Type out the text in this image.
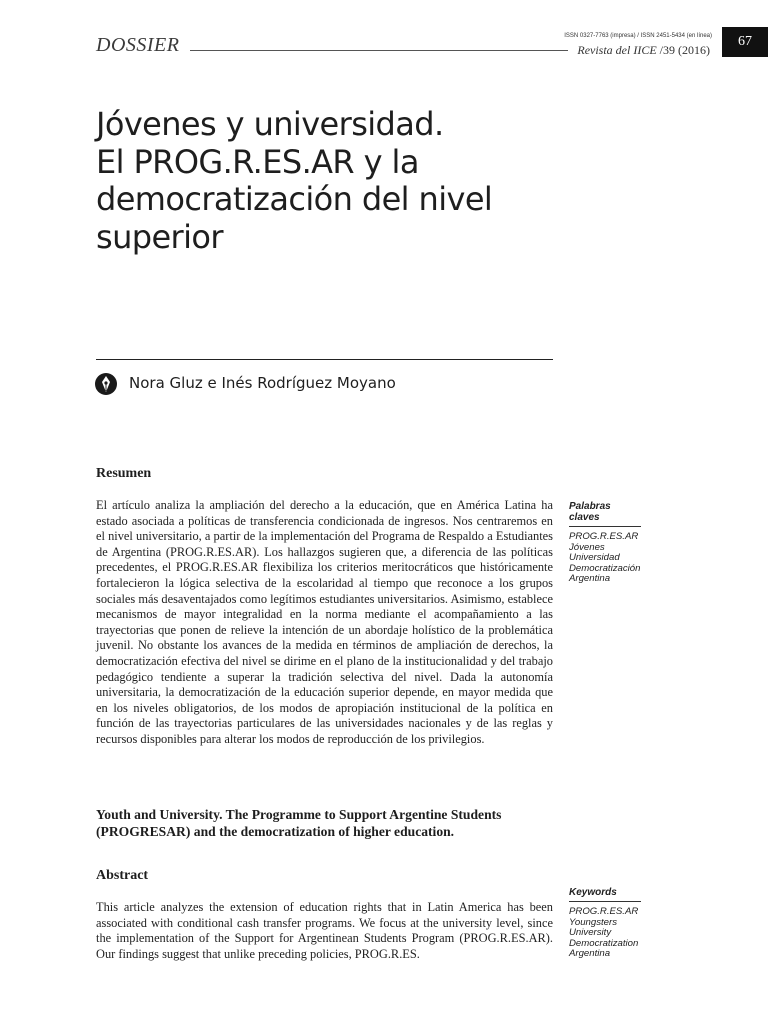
DOSSIER	ISSN 0327-7763 (impresa) / ISSN 2451-5434 (en línea)
Revista del IICE /39 (2016)
67
Jóvenes y universidad.
El PROG.R.ES.AR y la
democratización del nivel
superior
Nora Gluz e Inés Rodríguez Moyano
Resumen

El artículo analiza la ampliación del derecho a la educación, que en América Latina ha estado asociada a políticas de transferencia condicionada de ingresos. Nos centraremos en el nivel universitario, a partir de la implementación del Programa de Respaldo a Estudiantes de Argentina (PROG.R.ES.AR). Los hallazgos sugieren que, a diferencia de las políticas precedentes, el PROG.R.ES.AR flexibiliza los criterios meritocráticos que históricamente fortalecieron la lógica selectiva de la escolaridad al tiempo que reconoce a los grupos sociales más desaventajados como legítimos estudiantes universitarios. Asimismo, establece mecanismos de mayor integralidad en la norma mediante el acompañamiento a las trayectorias que ponen de relieve la intención de un abordaje holístico de la problemática juvenil. No obstante los avances de la medida en términos de ampliación de derechos, la democratización efectiva del nivel se dirime en el plano de la institucionalidad y del trabajo pedagógico tendiente a superar la tradición selectiva del nivel. Dada la autonomía universitaria, la democratización de la educación superior depende, en mayor medida que en los niveles obligatorios, de los modos de apropiación institucional de la política en función de las trayectorias particulares de las universidades nacionales y de las reglas y recursos disponibles para alterar los modos de reproducción de los privilegios.

Palabras claves
PROG.R.ES.AR
Jóvenes
Universidad
Democratización
Argentina

Youth and University. The Programme to Support Argentine Students (PROGRESAR) and the democratization of higher education.

Abstract

This article analyzes the extension of education rights that in Latin America has been associated with conditional cash transfer programs. We focus at the university level, since the implementation of the Support for Argentinean Students Program (PROG.R.ES.AR). Our findings suggest that unlike preceding policies, PROG.R.ES.

Keywords
PROG.R.ES.AR
Youngsters
University
Democratization
Argentina
